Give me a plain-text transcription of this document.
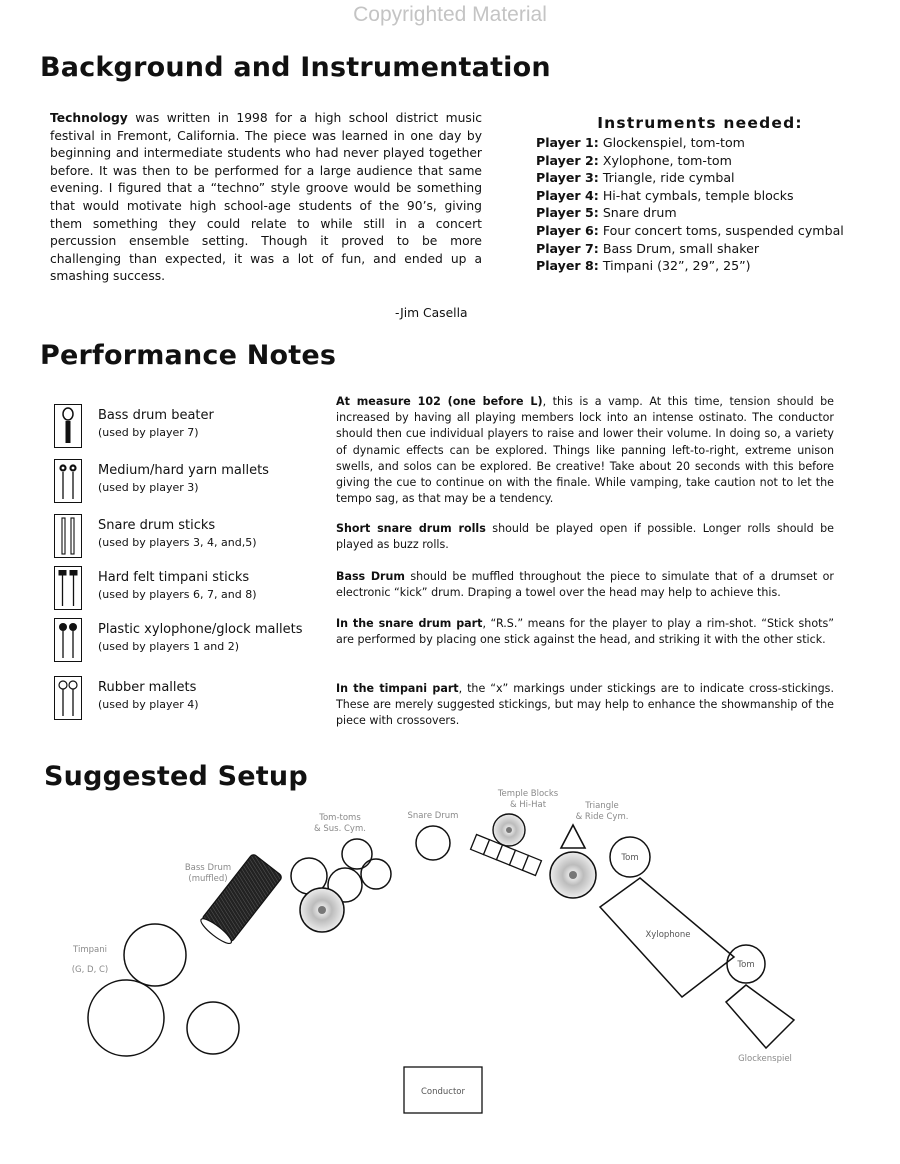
Copyrighted Material
Background and Instrumentation
Technology was written in 1998 for a high school district music festival in Fremont, California. The piece was learned in one day by beginning and intermediate students who had never played together before. It was then to be performed for a large audience that same evening. I figured that a “techno” style groove would be something that would motivate high school-age students of the 90’s, giving them something they could relate to while still in a concert percussion ensemble setting. Though it proved to be more challenging than expected, it was a lot of fun, and ended up a smashing success.
-Jim Casella
Instruments needed:
Player 1: Glockenspiel, tom-tom
Player 2: Xylophone, tom-tom
Player 3: Triangle, ride cymbal
Player 4: Hi-hat cymbals, temple blocks
Player 5: Snare drum
Player 6: Four concert toms, suspended cymbal
Player 7: Bass Drum, small shaker
Player 8: Timpani (32”, 29”, 25”)
Performance Notes
Bass drum beater
(used by player 7)
Medium/hard yarn mallets
(used by player 3)
Snare drum sticks
(used by players 3, 4, and,5)
Hard felt timpani sticks
(used by players 6, 7, and 8)
Plastic xylophone/glock mallets
(used by players 1 and 2)
Rubber mallets
(used by player 4)
At measure 102 (one before L), this is a vamp. At this time, tension should be increased by having all playing members lock into an intense ostinato. The conductor should then cue individual players to raise and lower their volume. In doing so, a variety of dynamic effects can be explored. Things like panning left-to-right, extreme unison swells, and solos can be explored. Be creative! Take about 20 seconds with this before giving the cue to continue on with the finale. While vamping, take caution not to let the tempo sag, as that may be a tendency.
Short snare drum rolls should be played open if possible. Longer rolls should be played as buzz rolls.
Bass Drum should be muffled throughout the piece to simulate that of a drumset or electronic “kick” drum. Draping a towel over the head may help to achieve this.
In the snare drum part, “R.S.” means for the player to play a rim-shot. “Stick shots” are performed by placing one stick against the head, and striking it with the other stick.
In the timpani part, the “x” markings under stickings are to indicate cross-stickings. These are merely suggested stickings, but may help to enhance the showmanship of the piece with crossovers.
Suggested Setup
Timpani
(G, D, C)
Bass Drum
(muffled)
Tom-toms
& Sus. Cym.
Snare Drum
Temple Blocks
& Hi-Hat	Triangle
& Ride Cym.
Tom
Xylophone
Tom
Glockenspiel
Conductor
